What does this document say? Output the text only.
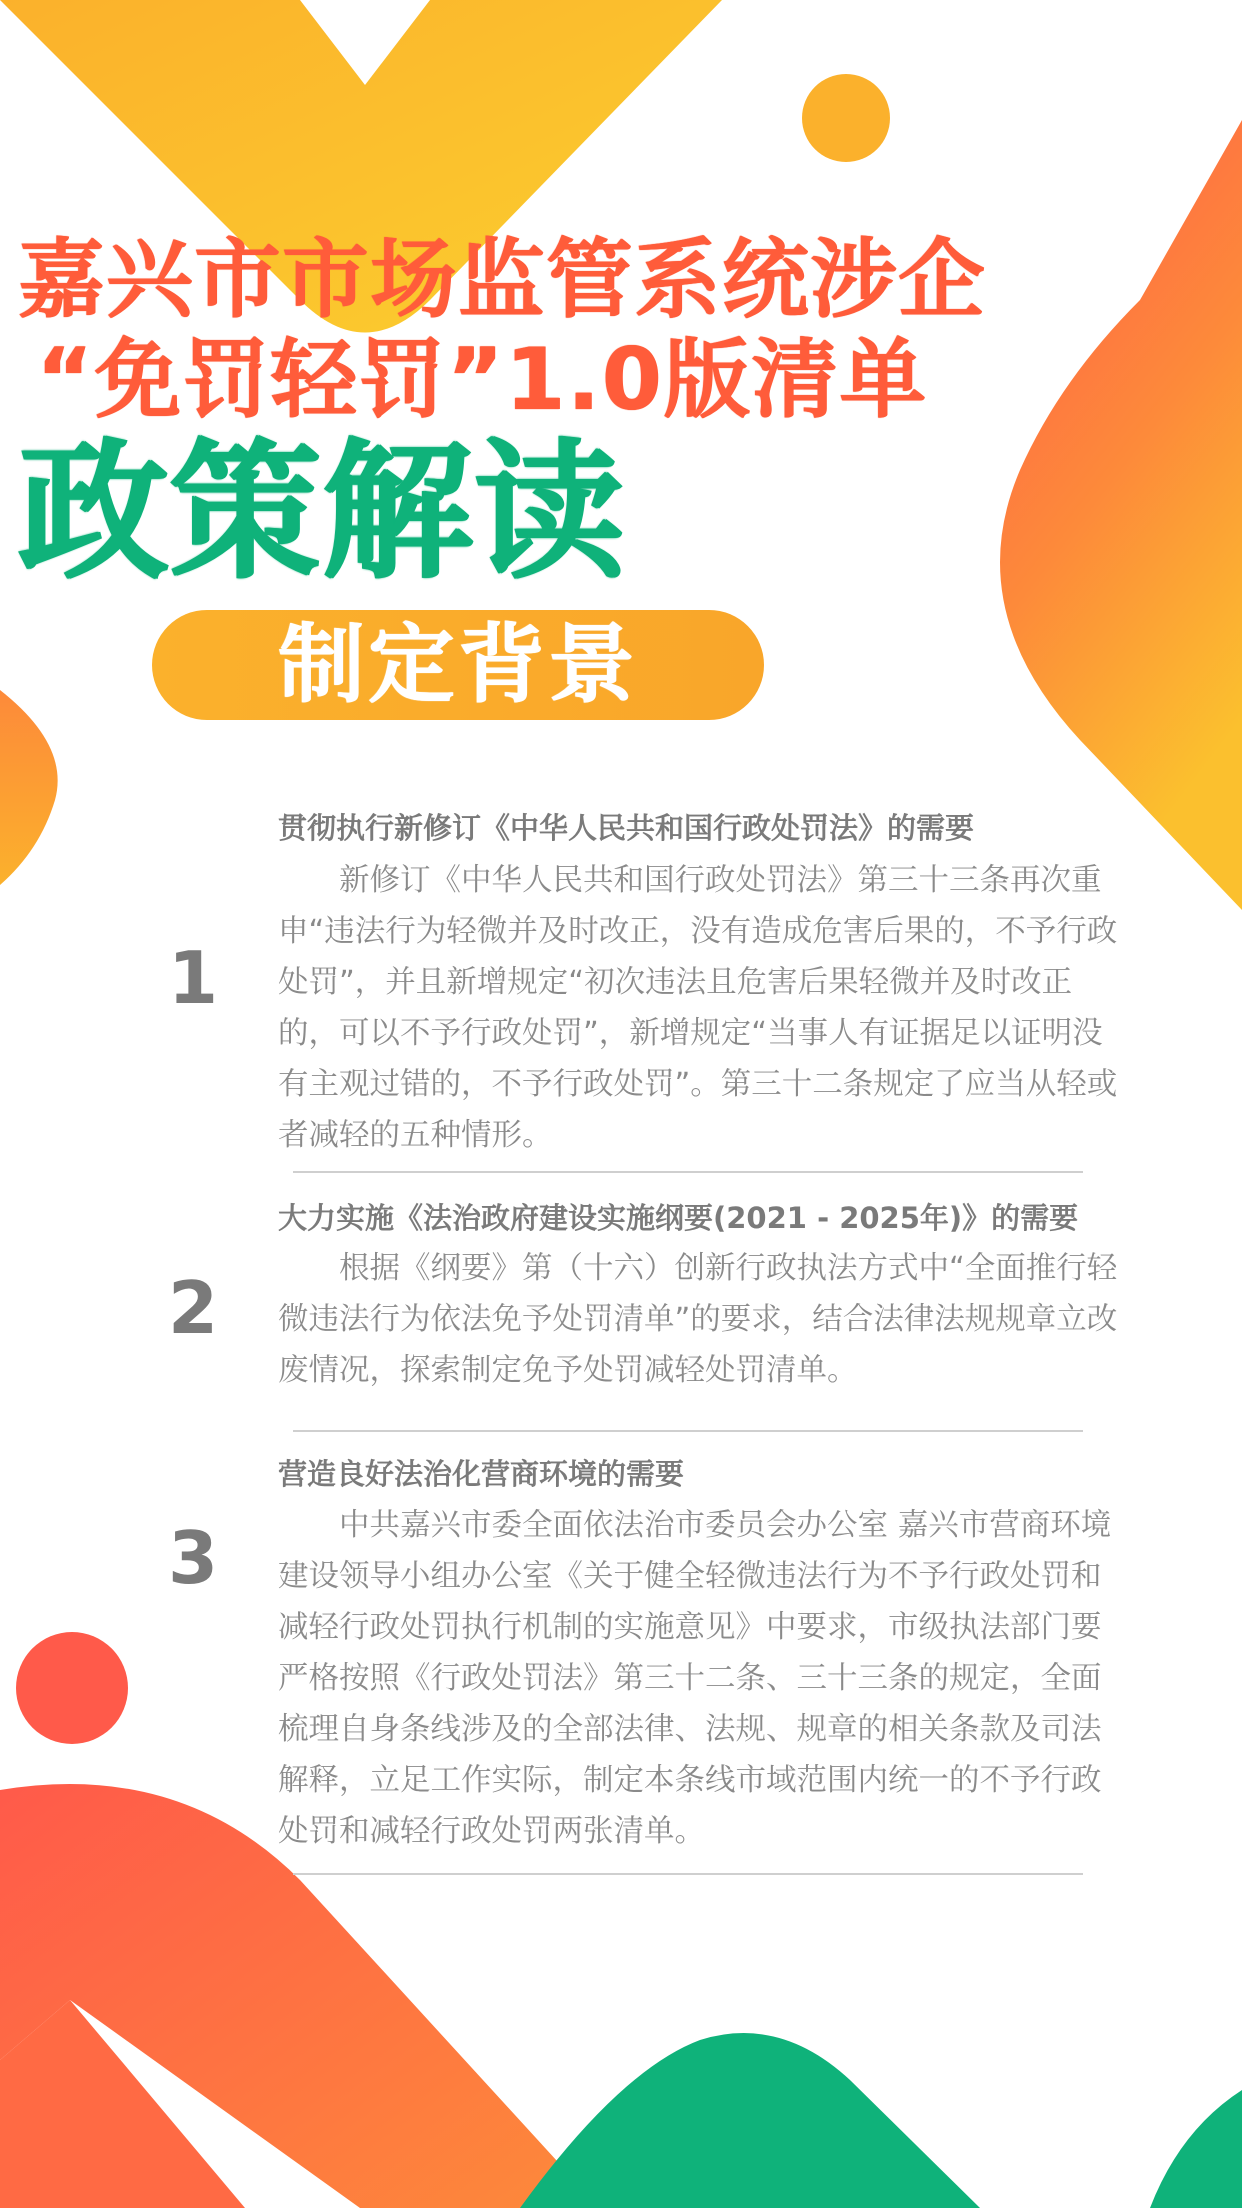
嘉兴市市场监管系统涉企
“免罚轻罚”1.0版清单
政策解读
制定背景
1
贯彻执行新修订《中华人民共和国行政处罚法》的需要

新修订《中华人民共和国行政处罚法》第三十三条再次重申“违法行为轻微并及时改正，没有造成危害后果的，不予行政处罚”，并且新增规定“初次违法且危害后果轻微并及时改正的，可以不予行政处罚”，新增规定“当事人有证据足以证明没有主观过错的，不予行政处罚”。第三十二条规定了应当从轻或者减轻的五种情形。

2
大力实施《法治政府建设实施纲要(2021 - 2025年)》的需要

根据《纲要》第（十六）创新行政执法方式中“全面推行轻微违法行为依法免予处罚清单”的要求，结合法律法规规章立改废情况，探索制定免予处罚减轻处罚清单。

3
营造良好法治化营商环境的需要

中共嘉兴市委全面依法治市委员会办公室 嘉兴市营商环境建设领导小组办公室《关于健全轻微违法行为不予行政处罚和减轻行政处罚执行机制的实施意见》中要求，市级执法部门要严格按照《行政处罚法》第三十二条、三十三条的规定，全面梳理自身条线涉及的全部法律、法规、规章的相关条款及司法解释，立足工作实际，制定本条线市域范围内统一的不予行政处罚和减轻行政处罚两张清单。
